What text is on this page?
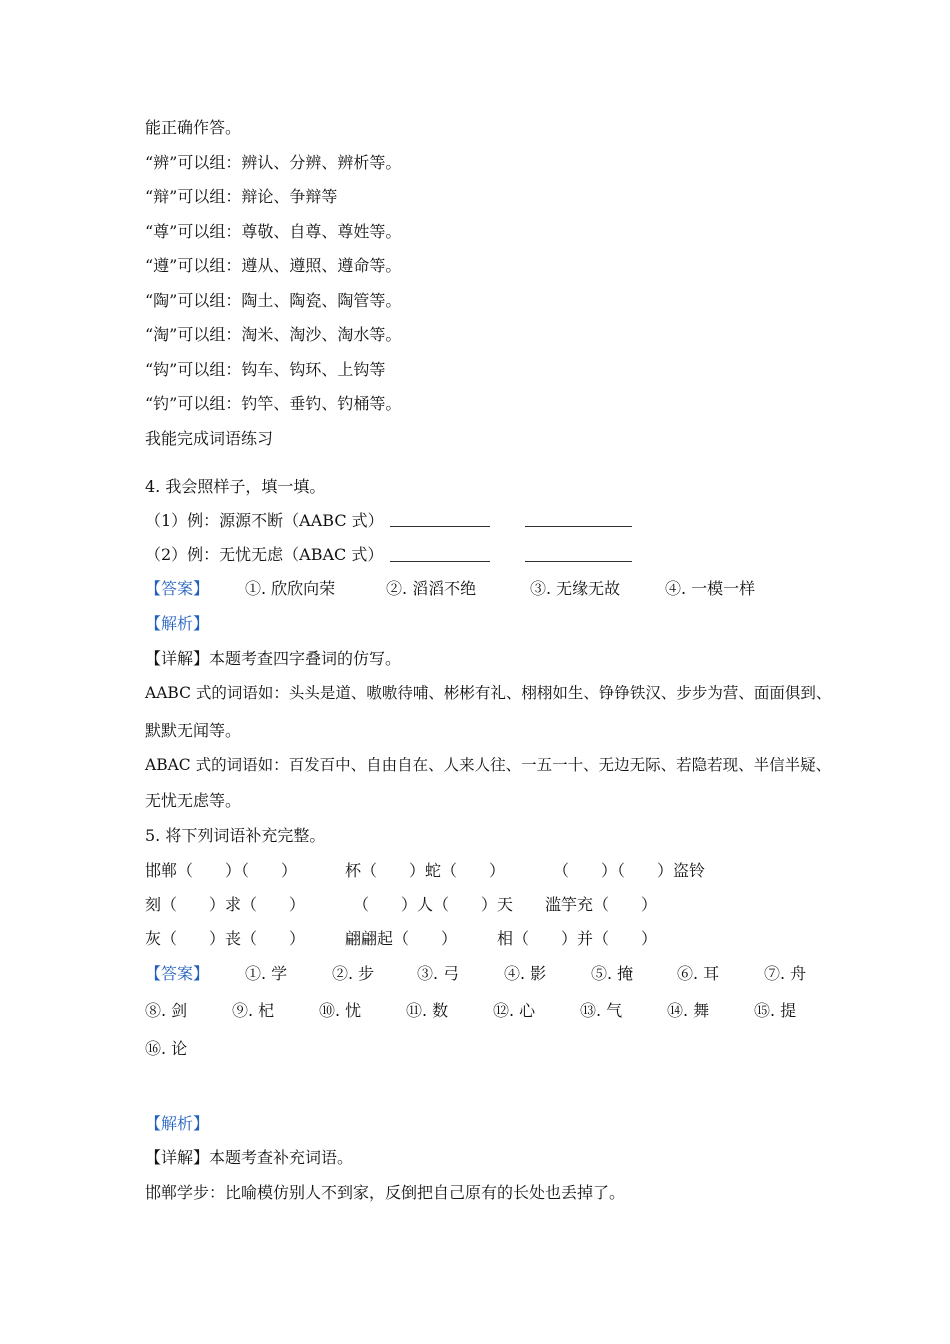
能正确作答。
“辨”可以组：辨认、分辨、辨析等。
“辩”可以组：辩论、争辩等
“尊”可以组：尊敬、自尊、尊姓等。
“遵”可以组：遵从、遵照、遵命等。
“陶”可以组：陶土、陶瓷、陶管等。
“淘”可以组：淘米、淘沙、淘水等。
“钩”可以组：钩车、钩环、上钩等
“钓”可以组：钓竿、垂钓、钓桶等。
我能完成词语练习
4. 我会照样子，填一填。
（1）例：源源不断（AABC 式）
（2）例：无忧无虑（ABAC 式）
【答案】 ①. 欣欣向荣	②. 滔滔不绝	③. 无缘无故	④. 一模一样
【解析】
【详解】本题考查四字叠词的仿写。
AABC 式的词语如：头头是道、嗷嗷待哺、彬彬有礼、栩栩如生、铮铮铁汉、步步为营、面面俱到、
默默无闻等。
ABAC 式的词语如：百发百中、自由自在、人来人往、一五一十、无边无际、若隐若现、半信半疑、
无忧无虑等。
5. 将下列词语补充完整。
邯郸（　　）（　　）	杯（　　）蛇（　　）	（　　）（　　）盗铃
刻（　　）求（　　）	（　　）人（　　）天 滥竽充（　　）
灰（　　）丧（　　） 翩翩起（　　） 相（　　）并（　　）
【答案】 ①. 学	②. 步	③. 弓	④. 影	⑤. 掩	⑥. 耳	⑦. 舟
⑧. 剑	⑨. 杞	⑩. 忧	⑪. 数	⑫. 心	⑬. 气	⑭. 舞	⑮. 提
⑯. 论
【解析】
【详解】本题考查补充词语。
邯郸学步：比喻模仿别人不到家，反倒把自己原有的长处也丢掉了。
